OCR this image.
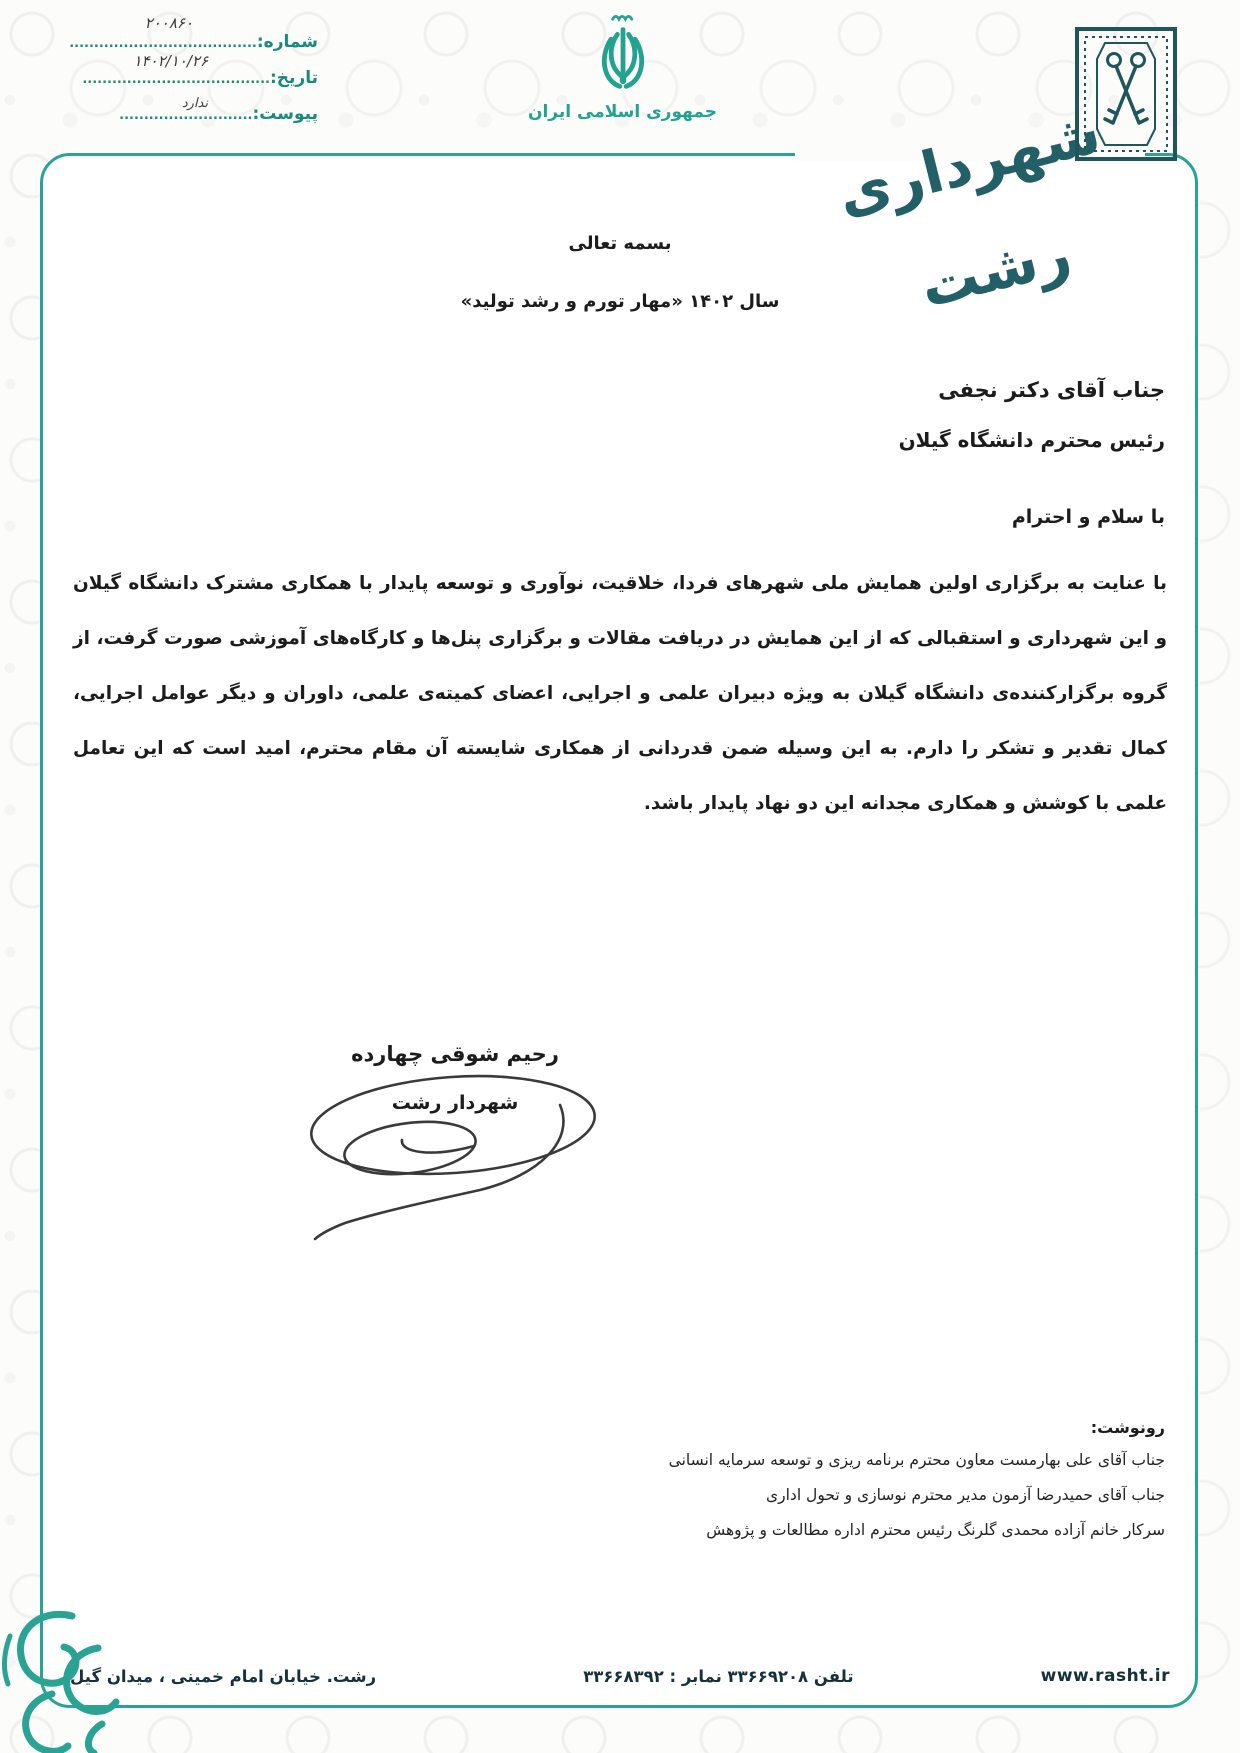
۲۰۰۸۶۰
شماره:......................................
۱۴۰۲/۱۰/۲۶
تاریخ:......................................
ندارد
پیوست:...........................	جمهوری اسلامی ایران	شهرداری رشت
بسمه تعالی
سال ۱۴۰۲ «مهار تورم و رشد تولید»
جناب آقای دکتر نجفی
رئیس محترم دانشگاه گیلان
با سلام و احترام
با عنایت به برگزاری اولین همایش ملی شهرهای فردا، خلاقیت، نوآوری و توسعه پایدار با همکاری مشترک دانشگاه گیلان و این شهرداری و استقبالی که از این همایش در دریافت مقالات و برگزاری پنل‌ها و کارگاه‌های آموزشی صورت گرفت، از گروه برگزارکننده‌ی دانشگاه گیلان به ویژه دبیران علمی و اجرایی، اعضای کمیته‌ی علمی، داوران و دیگر عوامل اجرایی، کمال تقدیر و تشکر را دارم. به این وسیله ضمن قدردانی از همکاری شایسته آن مقام محترم، امید است که این تعامل علمی با کوشش و همکاری مجدانه این دو نهاد پایدار باشد.
رحیم شوقی چهارده
شهردار رشت
رونوشت:
جناب آقای علی بهارمست معاون محترم برنامه ریزی و توسعه سرمایه انسانی
جناب آقای حمیدرضا آزمون مدیر محترم نوسازی و تحول اداری
سرکار خانم آزاده محمدی گلرنگ رئیس محترم اداره مطالعات و پژوهش
رشت. خیابان امام خمینی ، میدان گیل	تلفن ۳۳۶۶۹۲۰۸ نمابر : ۳۳۶۶۸۳۹۲	www.rasht.ir
